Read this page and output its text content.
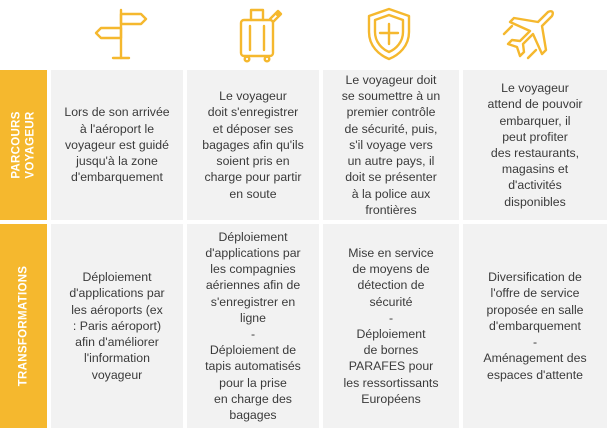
PARCOURS
VOYAGEUR
TRANSFORMATIONS
Lors de son arrivée
à l'aéroport le
voyageur est guidé
jusqu'à la zone
d'embarquement
Le voyageur
doit s'enregistrer
et déposer ses
bagages afin qu'ils
soient pris en
charge pour partir
en soute
Le voyageur doit
se soumettre à un
premier contrôle
de sécurité, puis,
s'il voyage vers
un autre pays, il
doit se présenter
à la police aux
frontières
Le voyageur
attend de pouvoir
embarquer, il
peut profiter
des restaurants,
magasins et
d'activités
disponibles
Déploiement
d'applications par
les aéroports (ex
: Paris aéroport)
afin d'améliorer
l'information
voyageur
Déploiement
d'applications par
les compagnies
aériennes afin de
s'enregistrer en
ligne
-
Déploiement de
tapis automatisés
pour la prise
en charge des
bagages
Mise en service
de moyens de
détection de
sécurité
-
Déploiement
de bornes
PARAFES pour
les ressortissants
Européens
Diversification de
l'offre de service
proposée en salle
d'embarquement
-
Aménagement des
espaces d'attente
